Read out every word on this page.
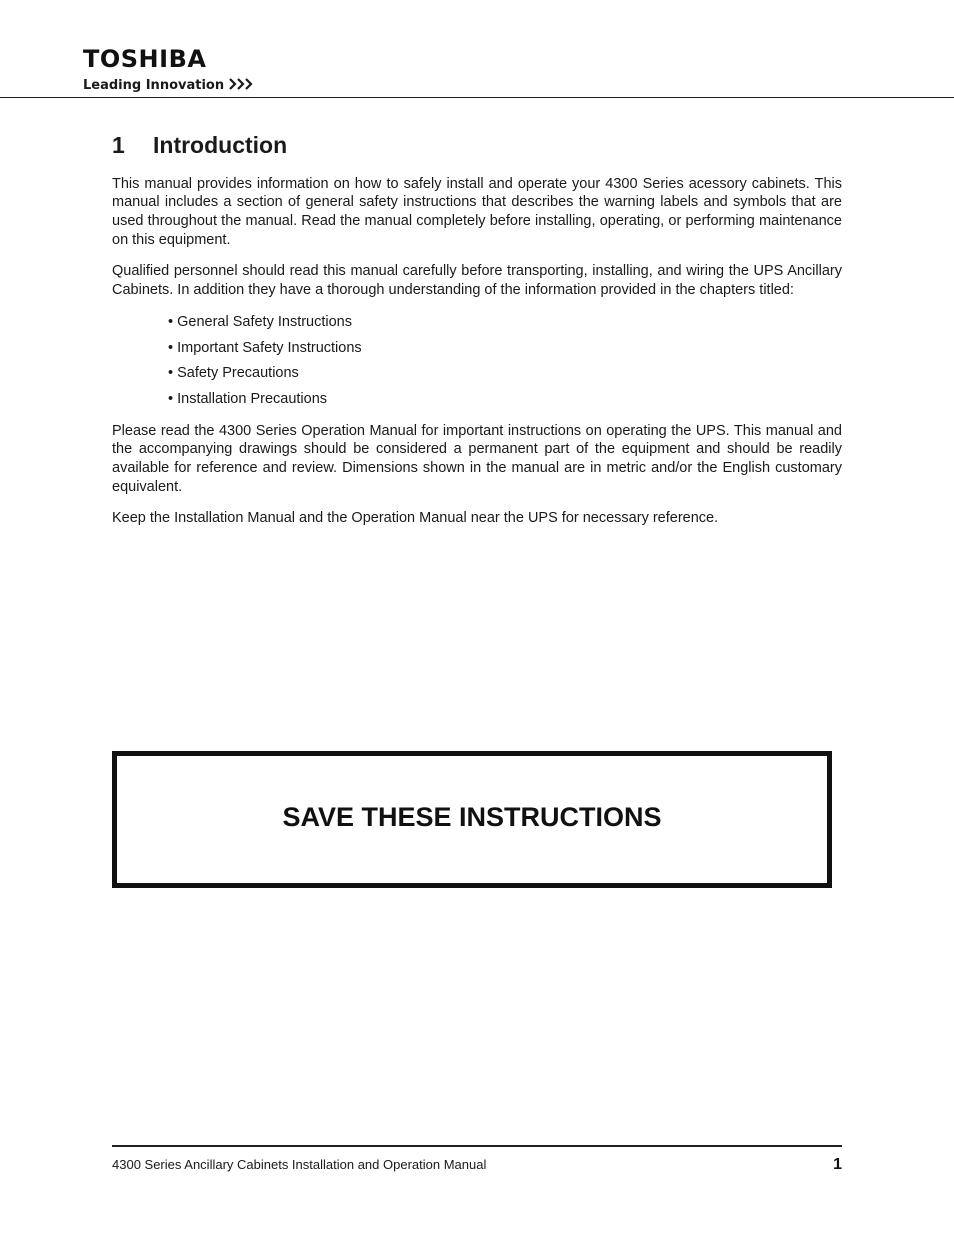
TOSHIBA
Leading Innovation
1	Introduction

This manual provides information on how to safely install and operate your 4300 Series acessory cabinets. This manual includes a section of general safety instructions that describes the warning labels and symbols that are used throughout the manual. Read the manual completely before installing, operating, or performing maintenance on this equipment.

Qualified personnel should read this manual carefully before transporting, installing, and wiring the UPS Ancillary Cabinets. In addition they have a thorough understanding of the information provided in the chapters titled:

• General Safety Instructions
• Important Safety Instructions
• Safety Precautions
• Installation Precautions

Please read the 4300 Series Operation Manual for important instructions on operating the UPS. This manual and the accompanying drawings should be considered a permanent part of the equipment and should be readily available for reference and review. Dimensions shown in the manual are in metric and/or the English customary equivalent.

Keep the Installation Manual and the Operation Manual near the UPS for necessary reference.

SAVE THESE INSTRUCTIONS
4300 Series Ancillary Cabinets Installation and Operation Manual	1
